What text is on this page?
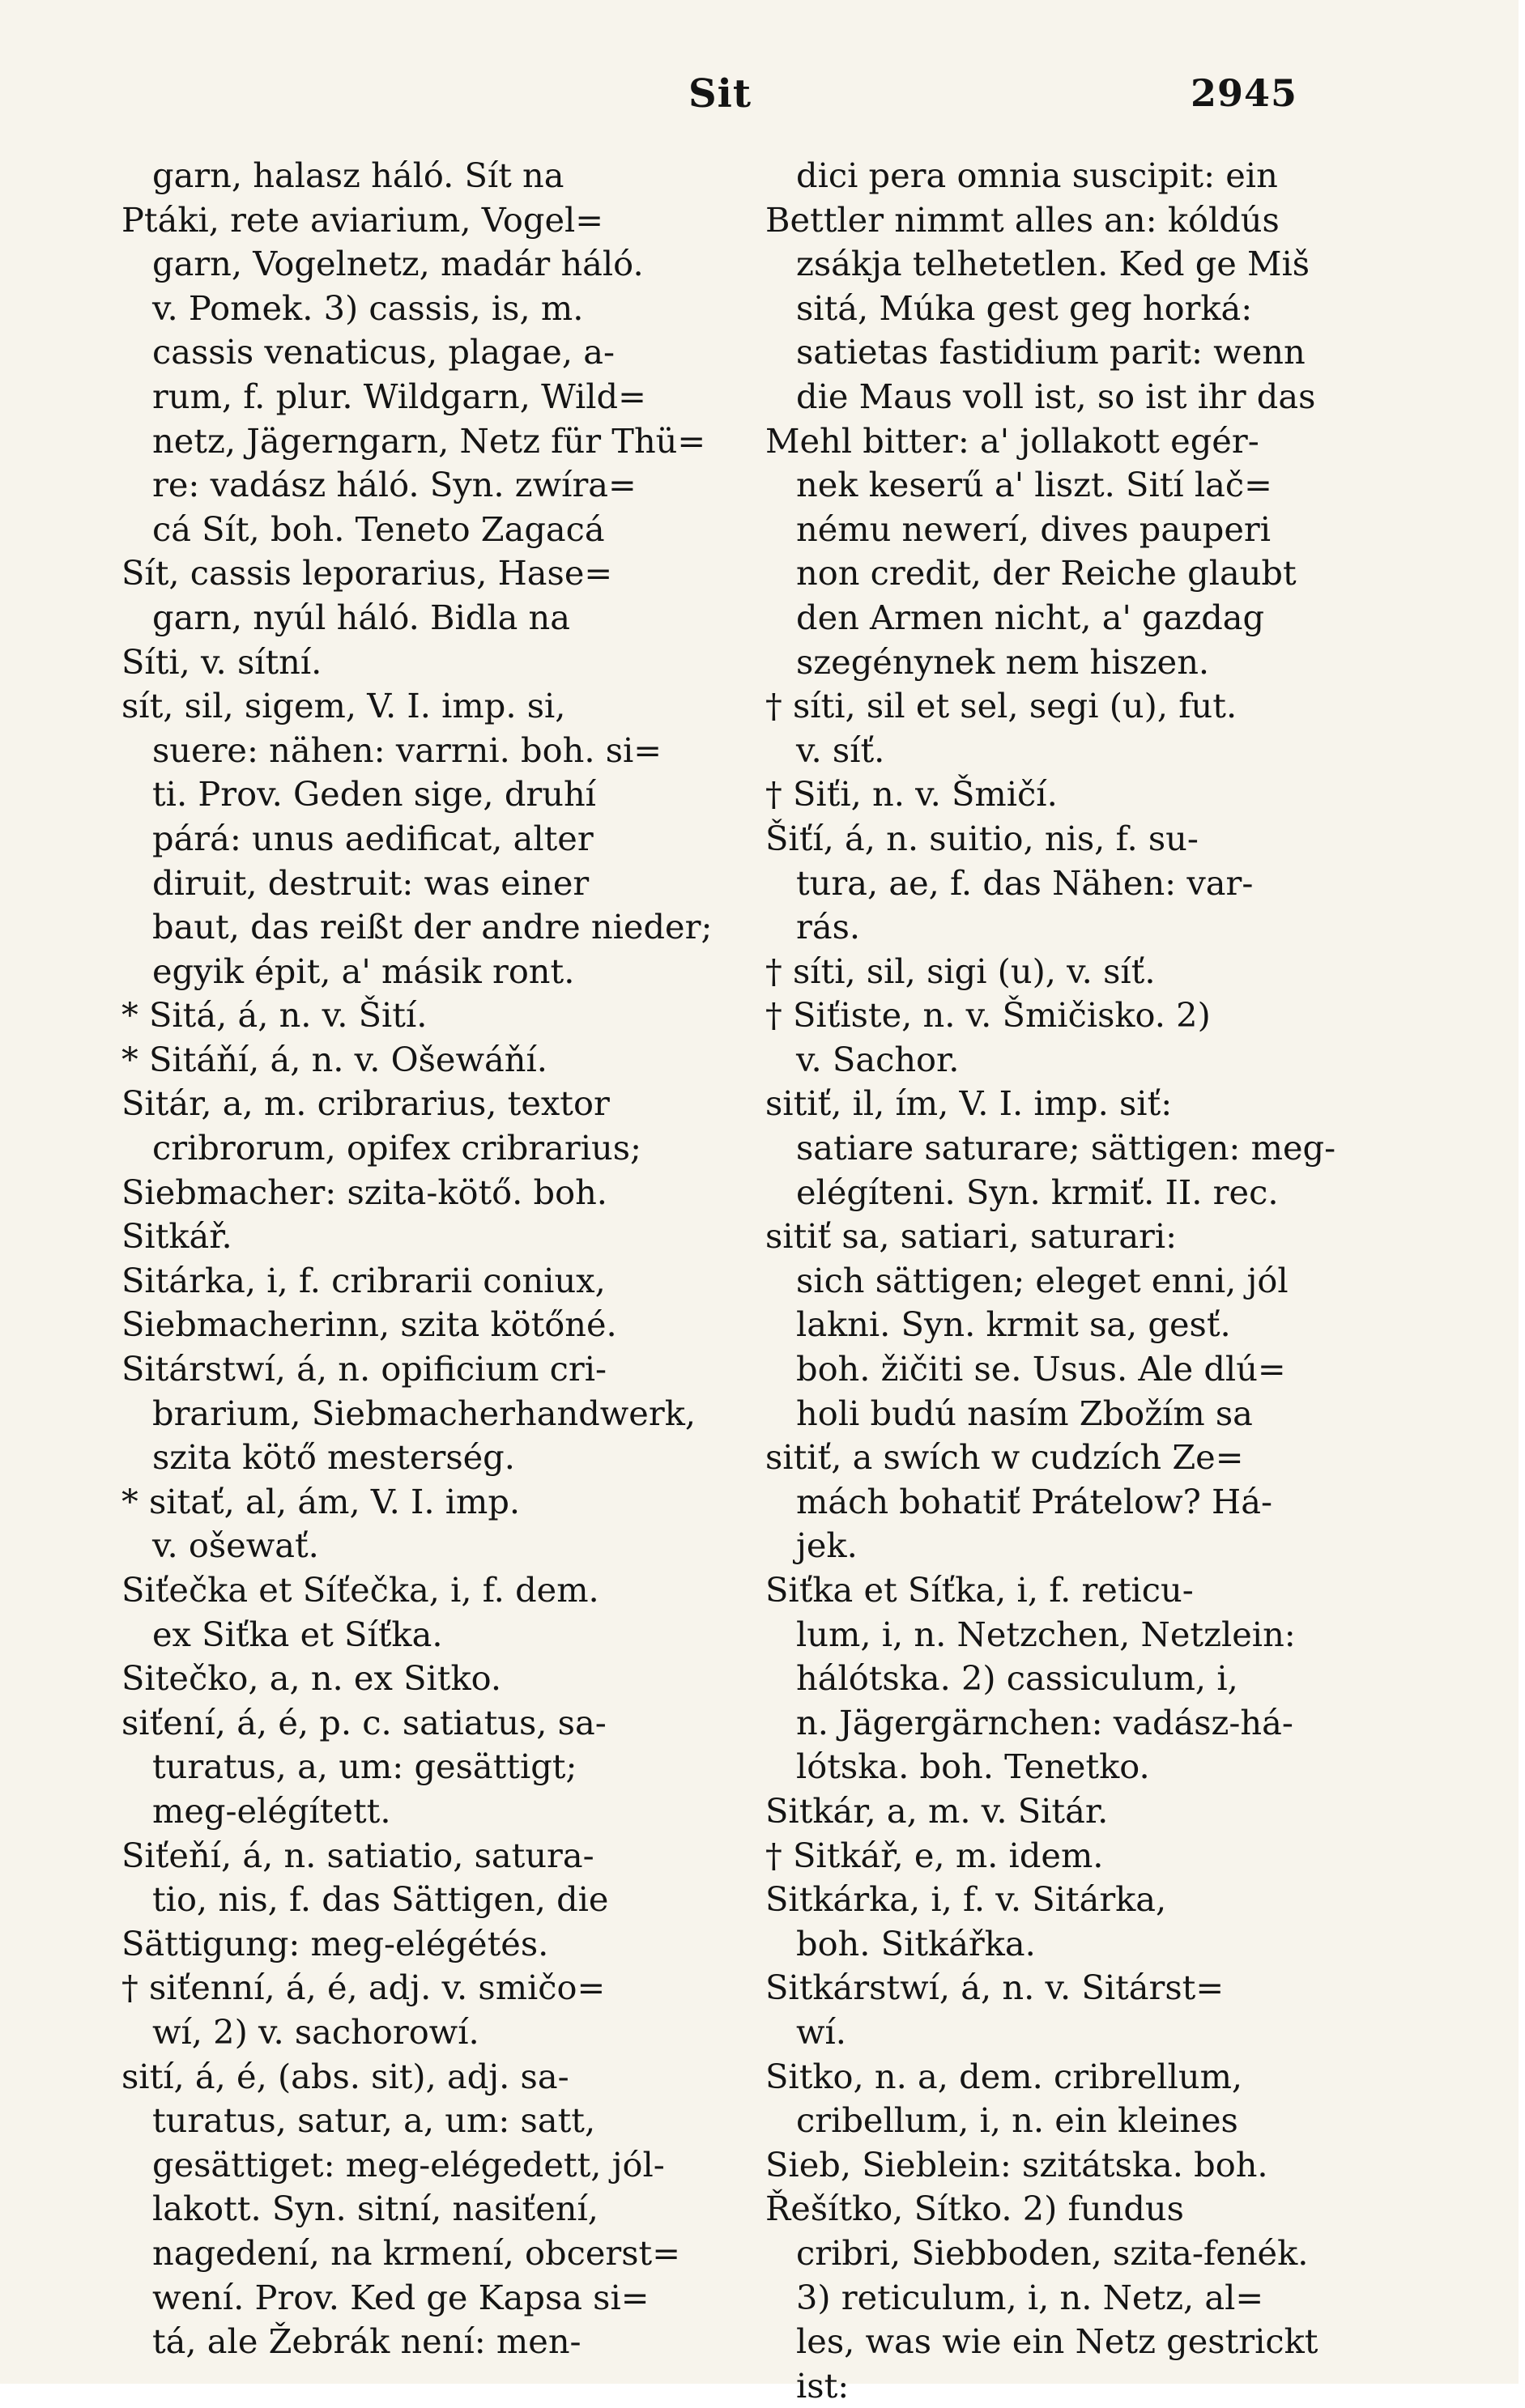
Sit	2945
garn, halasz háló. Sít na
Ptáki, rete aviarium, Vogel=
garn, Vogelnetz, madár háló.
v. Pomek. 3) cassis, is, m.
cassis venaticus, plagae, a-
rum, f. plur. Wildgarn, Wild=
netz, Jägerngarn, Netz für Thü=
re: vadász háló. Syn. zwíra=
cá Sít, boh. Teneto Zagacá
Sít, cassis leporarius, Hase=
garn, nyúl háló. Bidla na
Síti, v. sítní.
sít, sil, sigem, V. I. imp. si,
suere: nähen: varrni. boh. si=
ti. Prov. Geden sige, druhí
párá: unus aedificat, alter
diruit, destruit: was einer
baut, das reißt der andre nieder;
egyik épit, a' másik ront.
* Sitá, á, n. v. Šití.
* Sitáňí, á, n. v. Ošewáňí.
Sitár, a, m. cribrarius, textor
cribrorum, opifex cribrarius;
Siebmacher: szita-kötő. boh.
Sitkář.
Sitárka, i, f. cribrarii coniux,
Siebmacherinn, szita kötőné.
Sitárstwí, á, n. opificium cri-
brarium, Siebmacherhandwerk,
szita kötő mesterség.
* sitať, al, ám, V. I. imp.
v. ošewať.
Siťečka et Síťečka, i, f. dem.
ex Siťka et Síťka.
Sitečko, a, n. ex Sitko.
siťení, á, é, p. c. satiatus, sa-
turatus, a, um: gesättigt;
meg-elégített.
Siťeňí, á, n. satiatio, satura-
tio, nis, f. das Sättigen, die
Sättigung: meg-elégétés.
† siťenní, á, é, adj. v. smičo=
wí, 2) v. sachorowí.
sití, á, é, (abs. sit), adj. sa-
turatus, satur, a, um: satt,
gesättiget: meg-elégedett, jól-
lakott. Syn. sitní, nasiťení,
nagedení, na krmení, obcerst=
wení. Prov. Ked ge Kapsa si=
tá, ale Žebrák není: men-
dici pera omnia suscipit: ein
Bettler nimmt alles an: kóldús
zsákja telhetetlen. Ked ge Miš
sitá, Múka gest geg horká:
satietas fastidium parit: wenn
die Maus voll ist, so ist ihr das
Mehl bitter: a' jollakott egér-
nek keserű a' liszt. Sití lač=
nému newerí, dives pauperi
non credit, der Reiche glaubt
den Armen nicht, a' gazdag
szegénynek nem hiszen.
† síti, sil et sel, segi (u), fut.
v. síť.
† Siťi, n. v. Šmičí.
Šiťí, á, n. suitio, nis, f. su-
tura, ae, f. das Nähen: var-
rás.
† síti, sil, sigi (u), v. síť.
† Siťiste, n. v. Šmičisko. 2)
v. Sachor.
sitiť, il, ím, V. I. imp. siť:
satiare saturare; sättigen: meg-
elégíteni. Syn. krmiť. II. rec.
sitiť sa, satiari, saturari:
sich sättigen; eleget enni, jól
lakni. Syn. krmit sa, gesť.
boh. žičiti se. Usus. Ale dlú=
holi budú nasím Zbožím sa
sitiť, a swích w cudzích Ze=
mách bohatiť Prátelow? Há-
jek.
Siťka et Síťka, i, f. reticu-
lum, i, n. Netzchen, Netzlein:
hálótska. 2) cassiculum, i,
n. Jägergärnchen: vadász-há-
lótska. boh. Tenetko.
Sitkár, a, m. v. Sitár.
† Sitkář, e, m. idem.
Sitkárka, i, f. v. Sitárka,
boh. Sitkářka.
Sitkárstwí, á, n. v. Sitárst=
wí.
Sitko, n. a, dem. cribrellum,
cribellum, i, n. ein kleines
Sieb, Sieblein: szitátska. boh.
Řešítko, Sítko. 2) fundus
cribri, Siebboden, szita-fenék.
3) reticulum, i, n. Netz, al=
les, was wie ein Netz gestrickt
ist:
